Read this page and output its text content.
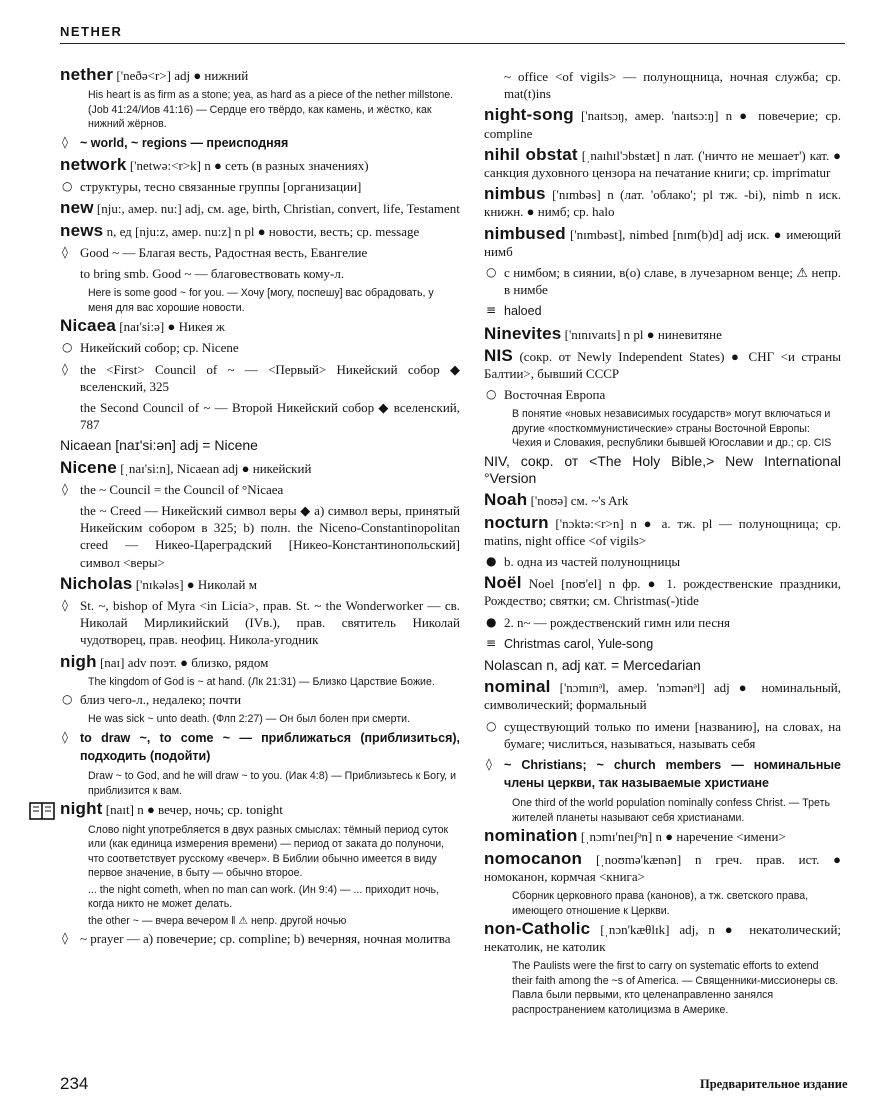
NETHER
nether ['neðə<r>] adj ● нижний
His heart is as firm as a stone; yea, as hard as a piece of the nether millstone. (Job 41:24/Иов 41:16) — Сердце его твёрдо, как камень, и жёстко, как нижний жёрнов.
◊ ~ world, ~ regions — преисподняя
network ['netwə:<r>k] n ● сеть (в разных значениях)
○ структуры, тесно связанные группы [организации]
new [nju:, амер. nu:] adj, см. age, birth, Christian, convert, life, Testament
news n, ед [nju:z, амер. nu:z] n pl ● новости, весть; ср. message
◊ Good ~ — Благая весть, Радостная весть, Евангелие
to bring smb. Good ~ — благовествовать кому-л.
Here is some good ~ for you. — Хочу [могу, поспешу] вас обрадовать, у меня для вас хорошие новости.
Nicaea [naɪ'si:ə] ● Никея ж
○ Никейский собор; ср. Nicene
◊ the <First> Council of ~ — <Первый> Никейский собор ◆ вселенский, 325
the Second Council of ~ — Второй Никейский собор ◆ вселенский, 787
Nicaean [naɪ'si:ən] adj = Nicene
Nicene [ˌnaɪ'si:n], Nicaean adj ● никейский
◊ the ~ Council = the Council of °Nicaea
the ~ Creed — Никейский символ веры ◆ a) символ веры, принятый Никейским собором в 325; b) полн. the Niceno-Constantinopolitan creed — Никео-Цареградский [Никео-Константинопольский] символ <веры>
Nicholas ['nɪkələs] ● Николай м
◊ St. ~, bishop of Myra <in Licia>, прав. St. ~ the Wonderworker — св. Николай Мирликийский (IVв.), прав. святитель Николай чудотворец, прав. неофиц. Никола-угодник
nigh [naɪ] adv поэт. ● близко, рядом
The kingdom of God is ~ at hand. (Лк 21:31) — Близко Царствие Божие.
○ близ чего-л., недалеко; почти
He was sick ~ unto death. (Флп 2:27) — Он был болен при смерти.
◊ to draw ~, to come ~ — приближаться (приблизиться), подходить (подойти)
Draw ~ to God, and he will draw ~ to you. (Иак 4:8) — Приблизьтесь к Богу, и приблизится к вам.
night [naɪt] n ● вечер, ночь; ср. tonight
Слово night употребляется в двух разных смыслах: тёмный период суток или (как единица измерения времени) — период от заката до полуночи, что соответствует русскому «вечер». В Библии обычно имеется в виду первое значение, в быту — обычно второе.
... the night cometh, when no man can work. (Ин 9:4) — ... приходит ночь, когда никто не может делать.
the other ~ — вчера вечером ‖ ⚠ непр. другой ночью
◊ ~ prayer — a) повечерие; ср. compline; b) вечерняя, ночная молитва
~ office <of vigils> — полунощница, ночная служба; ср. mat(t)ins
night-song ['naɪtsɔŋ, амер. 'naɪtsɔ:ŋ] n ● повечерие; ср. compline
nihil obstat [ˌnaɪhɪl'ɔbstæt] n лат. ('ничто не мешает') кат. ● санкция духовного цензора на печатание книги; ср. imprimatur
nimbus ['nɪmbəs] n (лат. 'облако'; pl тж. -bi), nimb n иск. книжн. ● нимб; ср. halo
nimbused ['nɪmbəst], nimbed [nɪm(b)d] adj иск. ● имеющий нимб
○ с нимбом; в сиянии, в(о) славе, в лучезарном венце; ⚠ непр. в нимбе
≡ haloed
Ninevites ['nɪnɪvaɪts] n pl ● ниневитяне
NIS (сокр. от Newly Independent States) ● СНГ <и страны Балтии>, бывший СССР
○ Восточная Европа
В понятие «новых независимых государств» могут включаться и другие «посткоммунистические» страны Восточной Европы: Чехия и Словакия, республики бывшей Югославии и др.; ср. CIS
NIV, сокр. от <The Holy Bible,> New International °Version
Noah ['noʊə] см. ~'s Ark
nocturn ['nɔktə:<r>n] n ● a. тж. pl — полунощница; ср. matins, night office <of vigils>
● b. одна из частей полунощницы
Noël Noel [noʊ'el] n фр. ● 1. рождественские праздники, Рождество; святки; см. Christmas(-)tide
● 2. n~ — рождественский гимн или песня
≡ Christmas carol, Yule-song
Nolascan n, adj кат. = Mercedarian
nominal ['nɔmɪnᵊl, амер. 'nɔmənᵊl] adj ● номинальный, символический; формальный
○ существующий только по имени [названию], на словах, на бумаге; числиться, называться, называть себя
◊ ~ Christians; ~ church members — номинальные члены церкви, так называемые христиане
One third of the world population nominally confess Christ. — Треть жителей планеты называют себя христианами.
nomination [ˌnɔmɪ'neɪʃᵊn] n ● наречение <имени>
nomocanon [ˌnoʊmə'kænən] n греч. прав. ист. ● номоканон, кормчая <книга>
Сборник церковного права (канонов), а тж. светского права, имеющего отношение к Церкви.
non-Catholic [ˌnɔn'kæθlɪk] adj, n ● некатолический; некатолик, не католик
The Paulists were the first to carry on systematic efforts to extend their faith among the ~s of America. — Священники-миссионеры св. Павла были первыми, кто целенаправленно занялся распространением католицизма в Америке.
234	Предварительное издание
